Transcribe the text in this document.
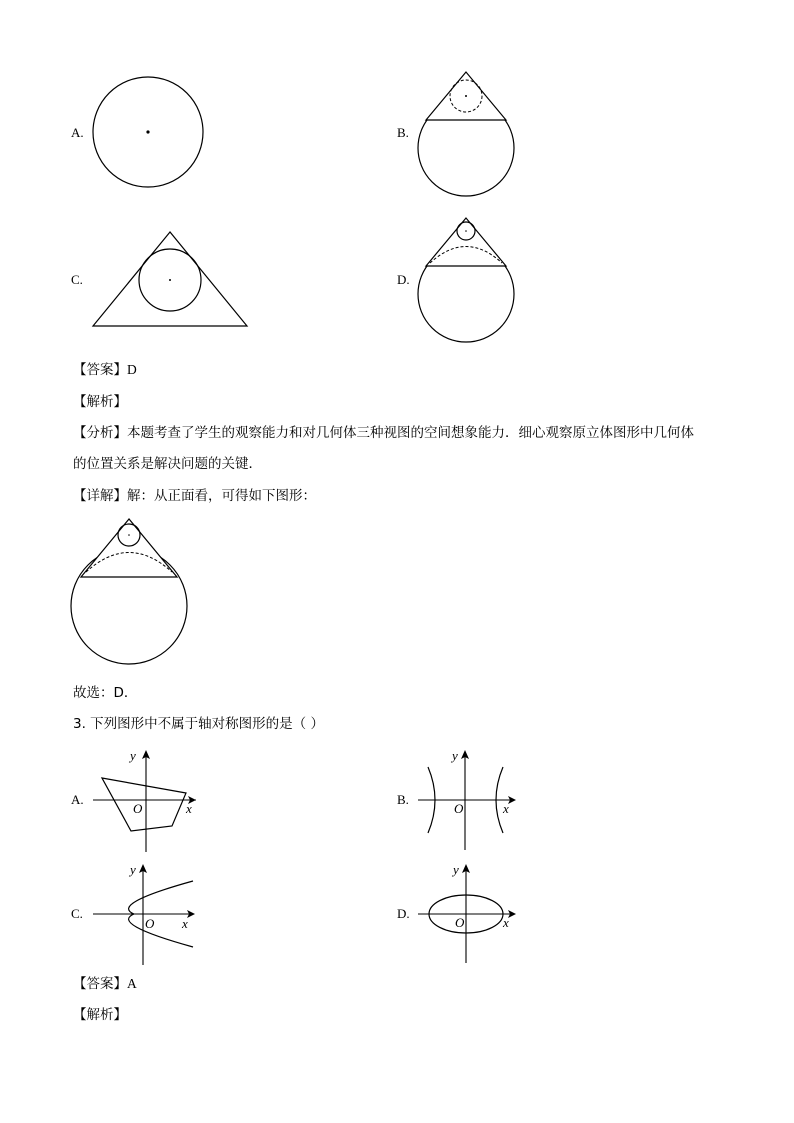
A.	B.
C.	D.
【答案】D
【解析】
【分析】本题考查了学生的观察能力和对几何体三种视图的空间想象能力．细心观察原立体图形中几何体
的位置关系是解决问题的关键．
【详解】解：从正面看，可得如下图形：
故选：D．
3. 下列图形中不属于轴对称图形的是（ ）
A.
y
O	x
B.
y
O	x
C.
y
O x
D.
y
O	x
【答案】A
【解析】
